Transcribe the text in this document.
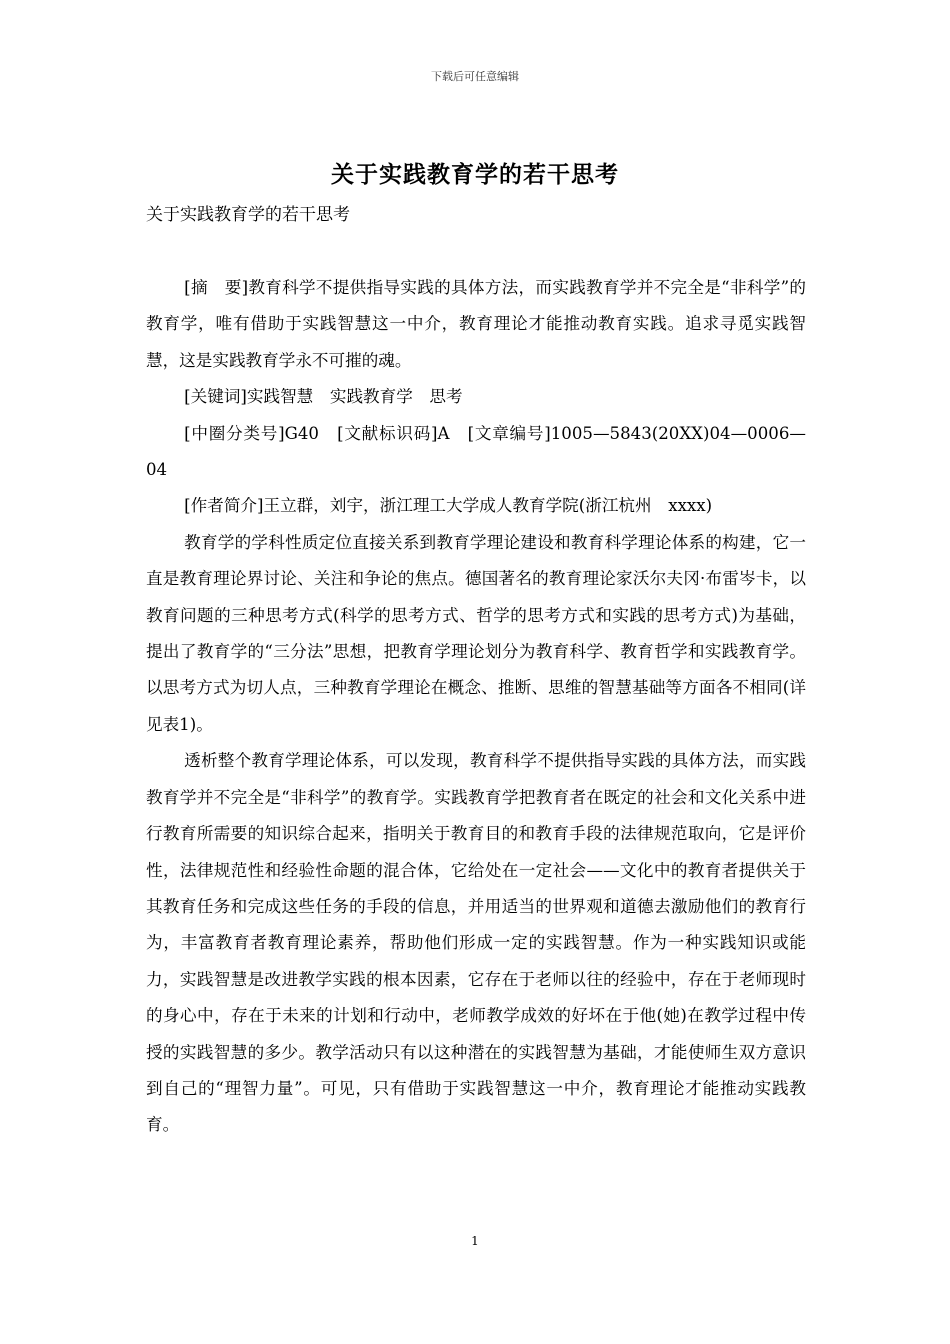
下载后可任意编辑
关于实践教育学的若干思考
关于实践教育学的若干思考

[摘　要]教育科学不提供指导实践的具体方法，而实践教育学并不完全是“非科学”的教育学，唯有借助于实践智慧这一中介，教育理论才能推动教育实践。追求寻觅实践智慧，这是实践教育学永不可摧的魂。

[关键词]实践智慧　实践教育学　思考

[中圈分类号]G40　[文献标识码]A　[文章编号]1005—5843(20XX)04—0006—04

[作者简介]王立群，刘宇，浙江理工大学成人教育学院(浙江杭州　xxxx)

教育学的学科性质定位直接关系到教育学理论建设和教育科学理论体系的构建，它一直是教育理论界讨论、关注和争论的焦点。德国著名的教育理论家沃尔夫冈·布雷岑卡，以教育问题的三种思考方式(科学的思考方式、哲学的思考方式和实践的思考方式)为基础，提出了教育学的“三分法”思想，把教育学理论划分为教育科学、教育哲学和实践教育学。以思考方式为切人点，三种教育学理论在概念、推断、思维的智慧基础等方面各不相同(详见表1)。

透析整个教育学理论体系，可以发现，教育科学不提供指导实践的具体方法，而实践教育学并不完全是“非科学”的教育学。实践教育学把教育者在既定的社会和文化关系中进行教育所需要的知识综合起来，指明关于教育目的和教育手段的法律规范取向，它是评价性，法律规范性和经验性命题的混合体，它给处在一定社会——文化中的教育者提供关于其教育任务和完成这些任务的手段的信息，并用适当的世界观和道德去激励他们的教育行为，丰富教育者教育理论素养，帮助他们形成一定的实践智慧。作为一种实践知识或能力，实践智慧是改进教学实践的根本因素，它存在于老师以往的经验中，存在于老师现时的身心中，存在于未来的计划和行动中，老师教学成效的好坏在于他(她)在教学过程中传授的实践智慧的多少。教学活动只有以这种潜在的实践智慧为基础，才能使师生双方意识到自己的“理智力量”。可见，只有借助于实践智慧这一中介，教育理论才能推动实践教育。

1
